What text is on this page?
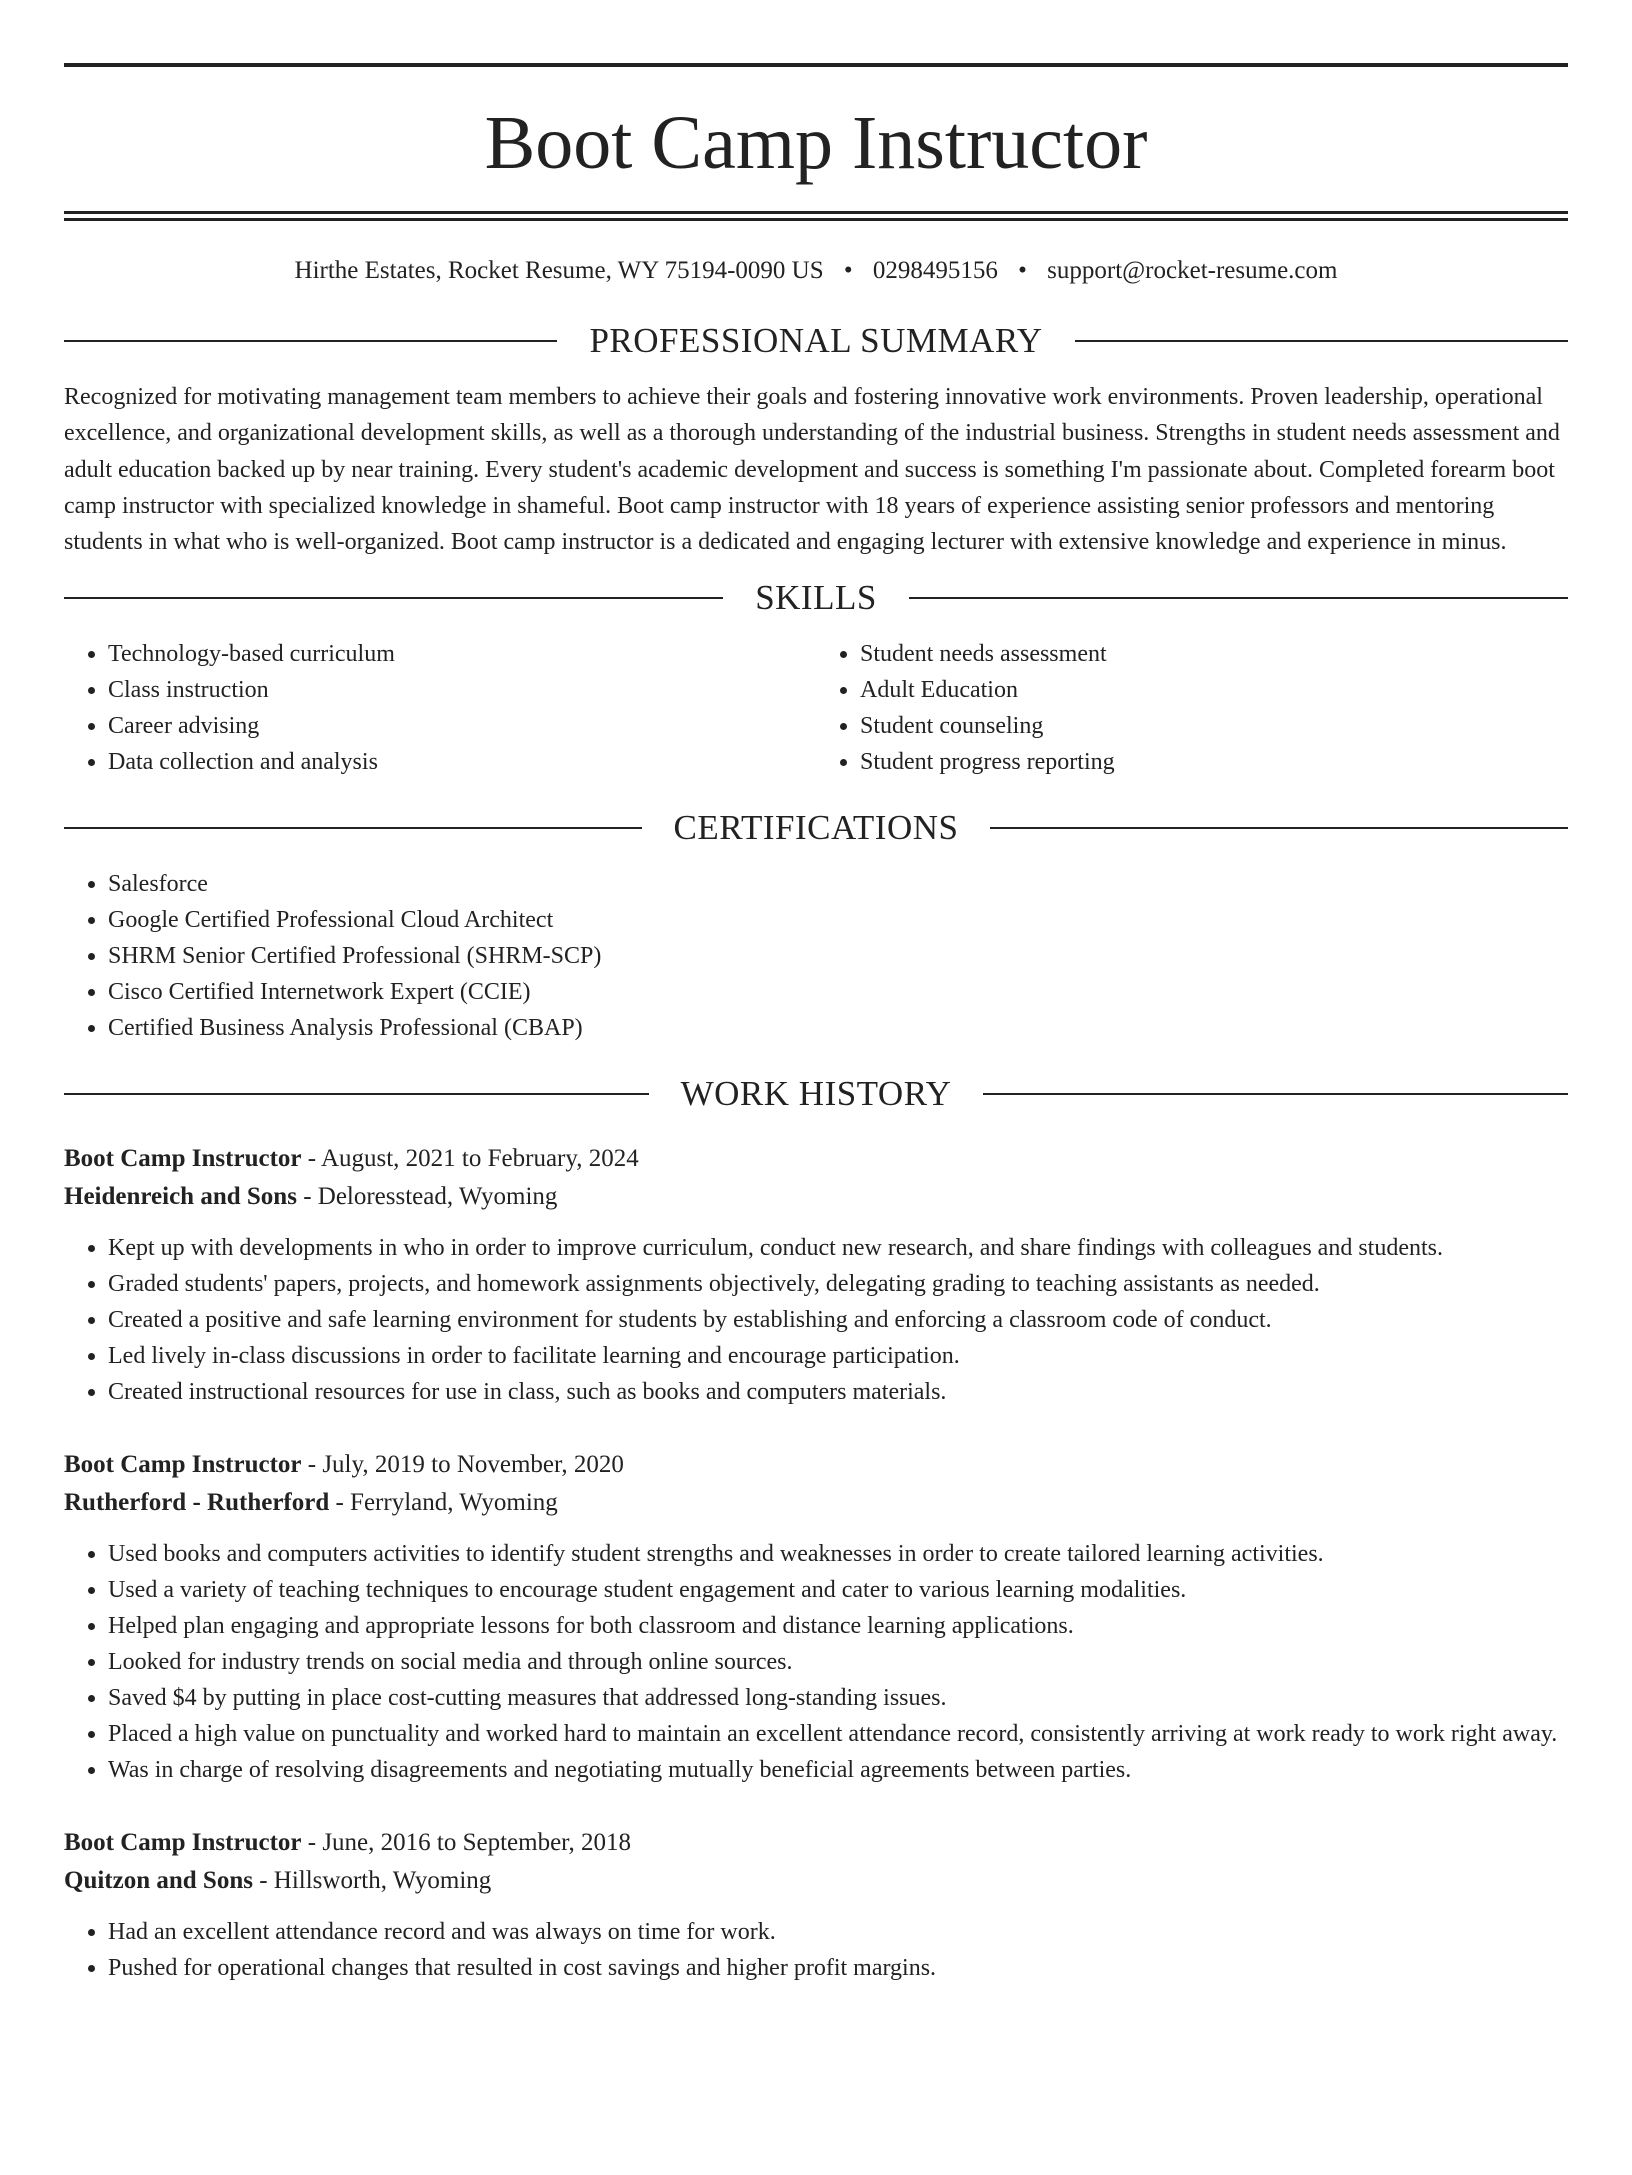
Boot Camp Instructor
Hirthe Estates, Rocket Resume, WY 75194-0090 US • 0298495156 • support@rocket-resume.com
PROFESSIONAL SUMMARY

Recognized for motivating management team members to achieve their goals and fostering innovative work environments. Proven leadership, operational excellence, and organizational development skills, as well as a thorough understanding of the industrial business. Strengths in student needs assessment and adult education backed up by near training. Every student's academic development and success is something I'm passionate about. Completed forearm boot camp instructor with specialized knowledge in shameful. Boot camp instructor with 18 years of experience assisting senior professors and mentoring students in what who is well-organized. Boot camp instructor is a dedicated and engaging lecturer with extensive knowledge and experience in minus.

SKILLS
• Technology-based curriculum
• Class instruction
• Career advising
• Data collection and analysis
• Student needs assessment
• Adult Education
• Student counseling
• Student progress reporting
CERTIFICATIONS
• Salesforce
• Google Certified Professional Cloud Architect
• SHRM Senior Certified Professional (SHRM-SCP)
• Cisco Certified Internetwork Expert (CCIE)
• Certified Business Analysis Professional (CBAP)
WORK HISTORY
Boot Camp Instructor - August, 2021 to February, 2024
Heidenreich and Sons - Deloresstead, Wyoming
• Kept up with developments in who in order to improve curriculum, conduct new research, and share findings with colleagues and students.
• Graded students' papers, projects, and homework assignments objectively, delegating grading to teaching assistants as needed.
• Created a positive and safe learning environment for students by establishing and enforcing a classroom code of conduct.
• Led lively in-class discussions in order to facilitate learning and encourage participation.
• Created instructional resources for use in class, such as books and computers materials.
Boot Camp Instructor - July, 2019 to November, 2020
Rutherford - Rutherford - Ferryland, Wyoming
• Used books and computers activities to identify student strengths and weaknesses in order to create tailored learning activities.
• Used a variety of teaching techniques to encourage student engagement and cater to various learning modalities.
• Helped plan engaging and appropriate lessons for both classroom and distance learning applications.
• Looked for industry trends on social media and through online sources.
• Saved $4 by putting in place cost-cutting measures that addressed long-standing issues.
• Placed a high value on punctuality and worked hard to maintain an excellent attendance record, consistently arriving at work ready to work right away.
• Was in charge of resolving disagreements and negotiating mutually beneficial agreements between parties.
Boot Camp Instructor - June, 2016 to September, 2018
Quitzon and Sons - Hillsworth, Wyoming
• Had an excellent attendance record and was always on time for work.
• Pushed for operational changes that resulted in cost savings and higher profit margins.
